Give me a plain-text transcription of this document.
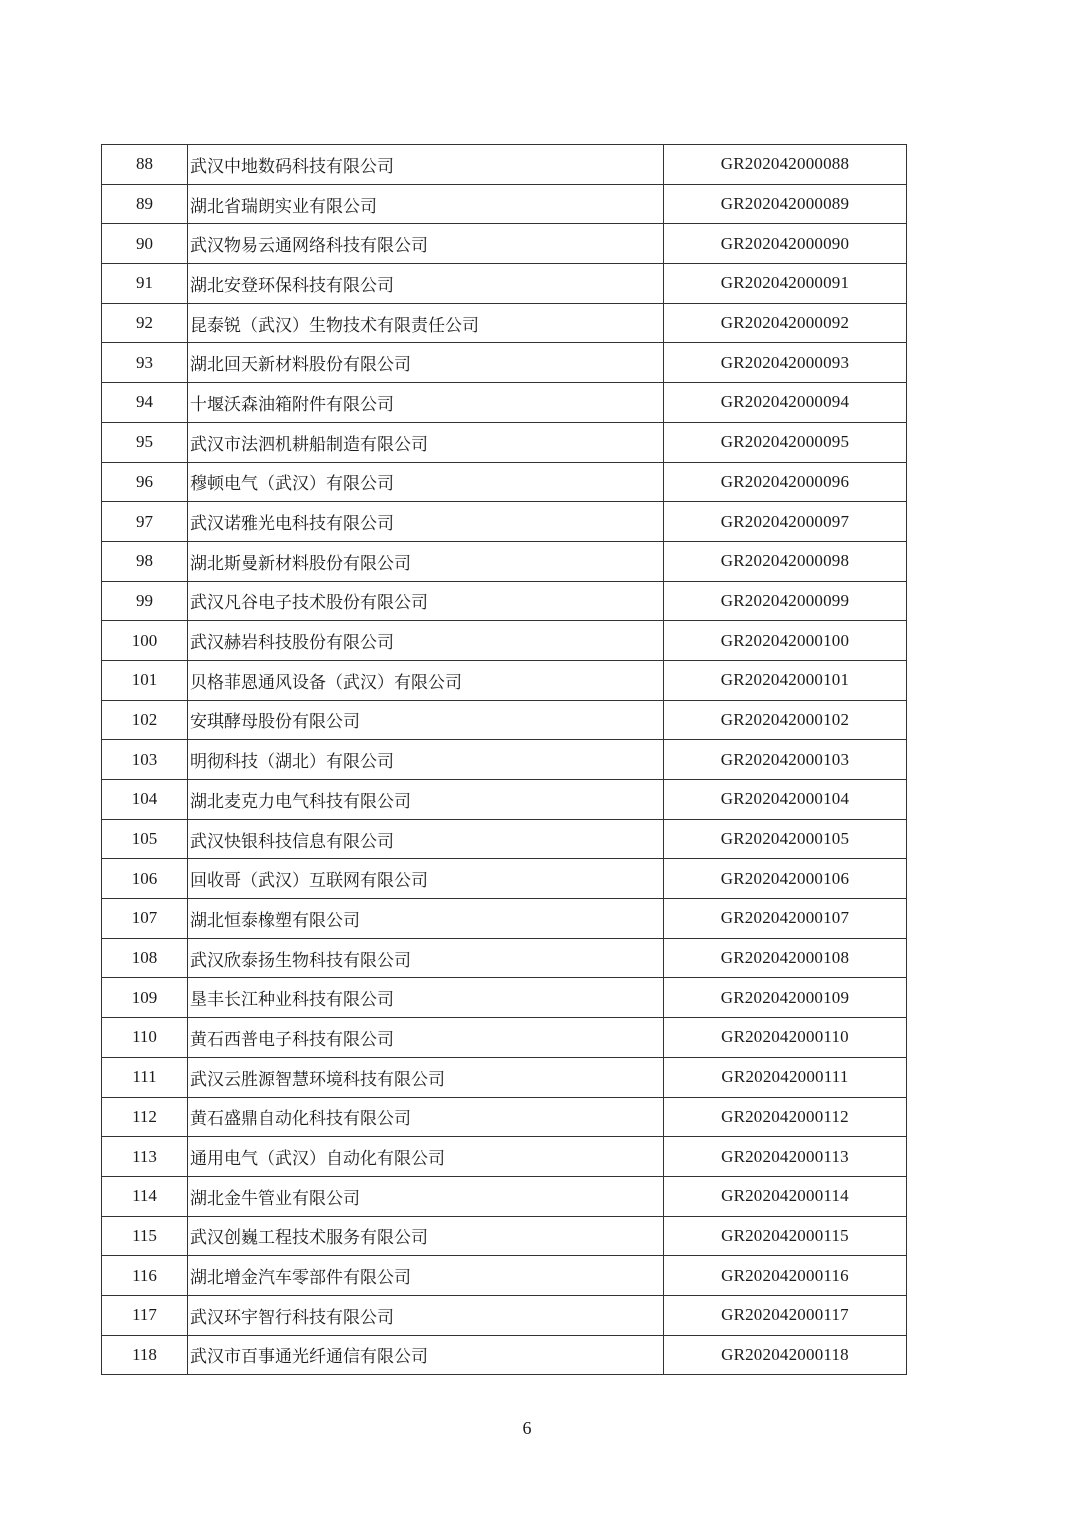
88	武汉中地数码科技有限公司	GR202042000088
89	湖北省瑞朗实业有限公司	GR202042000089
90	武汉物易云通网络科技有限公司	GR202042000090
91	湖北安登环保科技有限公司	GR202042000091
92	昆泰锐（武汉）生物技术有限责任公司	GR202042000092
93	湖北回天新材料股份有限公司	GR202042000093
94	十堰沃森油箱附件有限公司	GR202042000094
95	武汉市法泗机耕船制造有限公司	GR202042000095
96	穆顿电气（武汉）有限公司	GR202042000096
97	武汉诺雅光电科技有限公司	GR202042000097
98	湖北斯曼新材料股份有限公司	GR202042000098
99	武汉凡谷电子技术股份有限公司	GR202042000099
100	武汉赫岩科技股份有限公司	GR202042000100
101	贝格菲恩通风设备（武汉）有限公司	GR202042000101
102	安琪酵母股份有限公司	GR202042000102
103	明彻科技（湖北）有限公司	GR202042000103
104	湖北麦克力电气科技有限公司	GR202042000104
105	武汉快银科技信息有限公司	GR202042000105
106	回收哥（武汉）互联网有限公司	GR202042000106
107	湖北恒泰橡塑有限公司	GR202042000107
108	武汉欣泰扬生物科技有限公司	GR202042000108
109	垦丰长江种业科技有限公司	GR202042000109
110	黄石西普电子科技有限公司	GR202042000110
111	武汉云胜源智慧环境科技有限公司	GR202042000111
112	黄石盛鼎自动化科技有限公司	GR202042000112
113	通用电气（武汉）自动化有限公司	GR202042000113
114	湖北金牛管业有限公司	GR202042000114
115	武汉创巍工程技术服务有限公司	GR202042000115
116	湖北增金汽车零部件有限公司	GR202042000116
117	武汉环宇智行科技有限公司	GR202042000117
118	武汉市百事通光纤通信有限公司	GR202042000118
6
